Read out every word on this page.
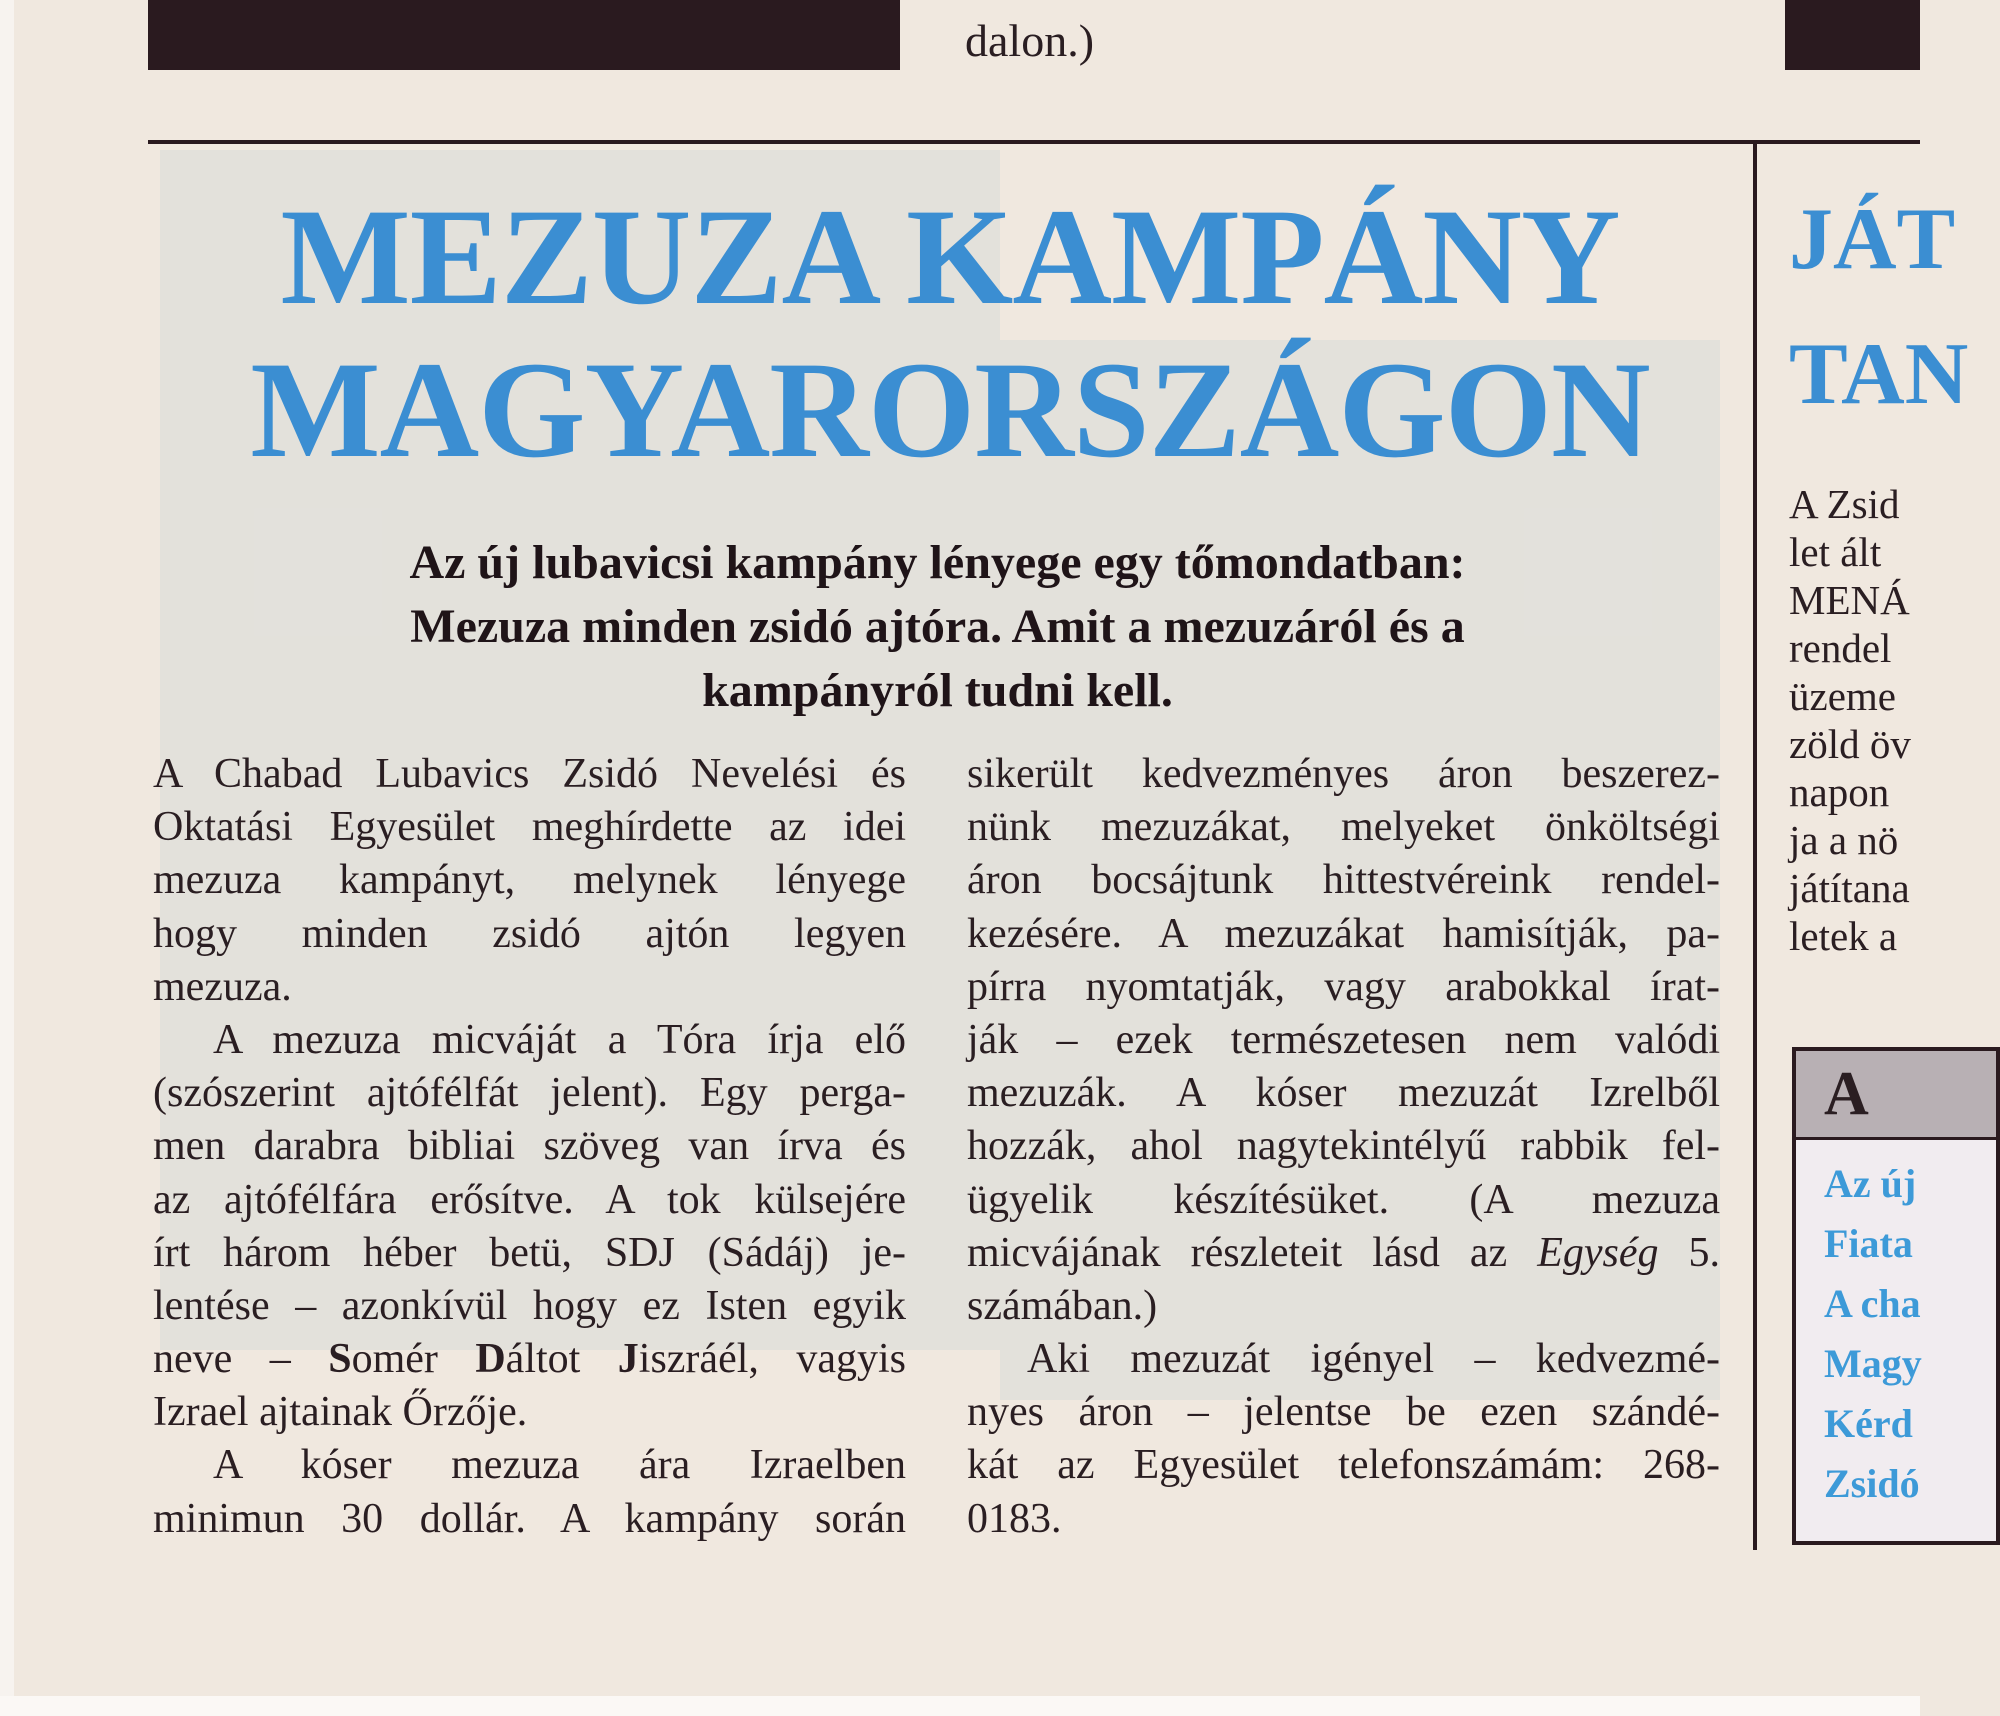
dalon.)
MEZUZA KAMPÁNY
MAGYARORSZÁGON
Az új lubavicsi kampány lényege egy tőmondatban:
Mezuza minden zsidó ajtóra. Amit a mezuzáról és a
kampányról tudni kell.
A Chabad Lubavics Zsidó Nevelési és
Oktatási Egyesület meghírdette az idei
mezuza kampányt, melynek lényege
hogy minden zsidó ajtón legyen
mezuza.
A mezuza micváját a Tóra írja elő
(szószerint ajtófélfát jelent). Egy perga-
men darabra bibliai szöveg van írva és
az ajtófélfára erősítve. A tok külsejére
írt három héber betü, SDJ (Sádáj) je-
lentése – azonkívül hogy ez Isten egyik
neve – Somér Dáltot Jiszráél, vagyis
Izrael ajtainak Őrzője.
A kóser mezuza ára Izraelben
minimun 30 dollár. A kampány során
sikerült kedvezményes áron beszerez-
nünk mezuzákat, melyeket önköltségi
áron bocsájtunk hittestvéreink rendel-
kezésére. A mezuzákat hamisítják, pa-
pírra nyomtatják, vagy arabokkal írat-
ják – ezek természetesen nem valódi
mezuzák. A kóser mezuzát Izrelből
hozzák, ahol nagytekintélyű rabbik fel-
ügyelik készítésüket. (A mezuza
micvájának részleteit lásd az Egység 5.
számában.)
Aki mezuzát igényel – kedvezmé-
nyes áron – jelentse be ezen szándé-
kát az Egyesület telefonszámám: 268-
0183.
JÁT
TAN
A Zsid
let ált
MENÁ
rendel
üzeme
zöld öv
napon
ja a nö
játítana
letek a
A
Az új
Fiata
A cha
Magy
Kérd
Zsidó
